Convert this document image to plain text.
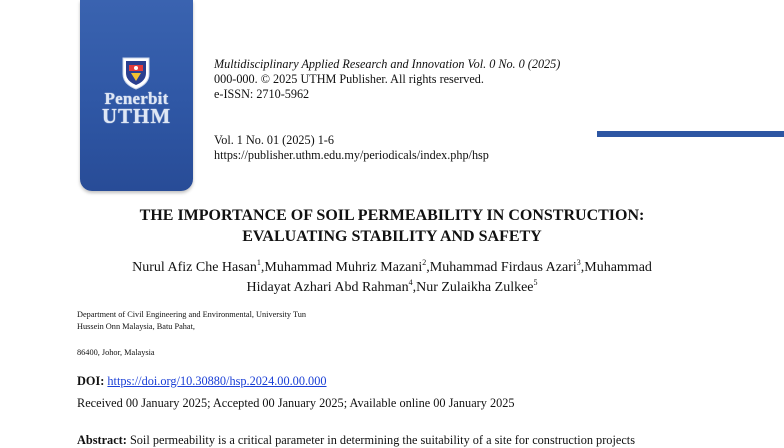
Penerbit
UTHM
Multidisciplinary Applied Research and Innovation Vol. 0 No. 0 (2025)
000-000. © 2025 UTHM Publisher. All rights reserved.
e-ISSN: 2710-5962
Vol. 1 No. 01 (2025) 1-6
https://publisher.uthm.edu.my/periodicals/index.php/hsp
THE IMPORTANCE OF SOIL PERMEABILITY IN CONSTRUCTION:
EVALUATING STABILITY AND SAFETY
Nurul Afiz Che Hasan$^1$,Muhammad Muhriz Mazani$^2$,Muhammad Firdaus Azari$^3$,Muhammad
Hidayat Azhari Abd Rahman$^4$,Nur Zulaikha Zulkee$^5$
Department of Civil Engineering and Environmental, University Tun
Hussein Onn Malaysia, Batu Pahat,
86400, Johor, Malaysia
DOI: https://doi.org/10.30880/hsp.2024.00.00.000
Received 00 January 2025; Accepted 00 January 2025; Available online 00 January 2025
Abstract: Soil permeability is a critical parameter in determining the suitability of a site for construction projects
